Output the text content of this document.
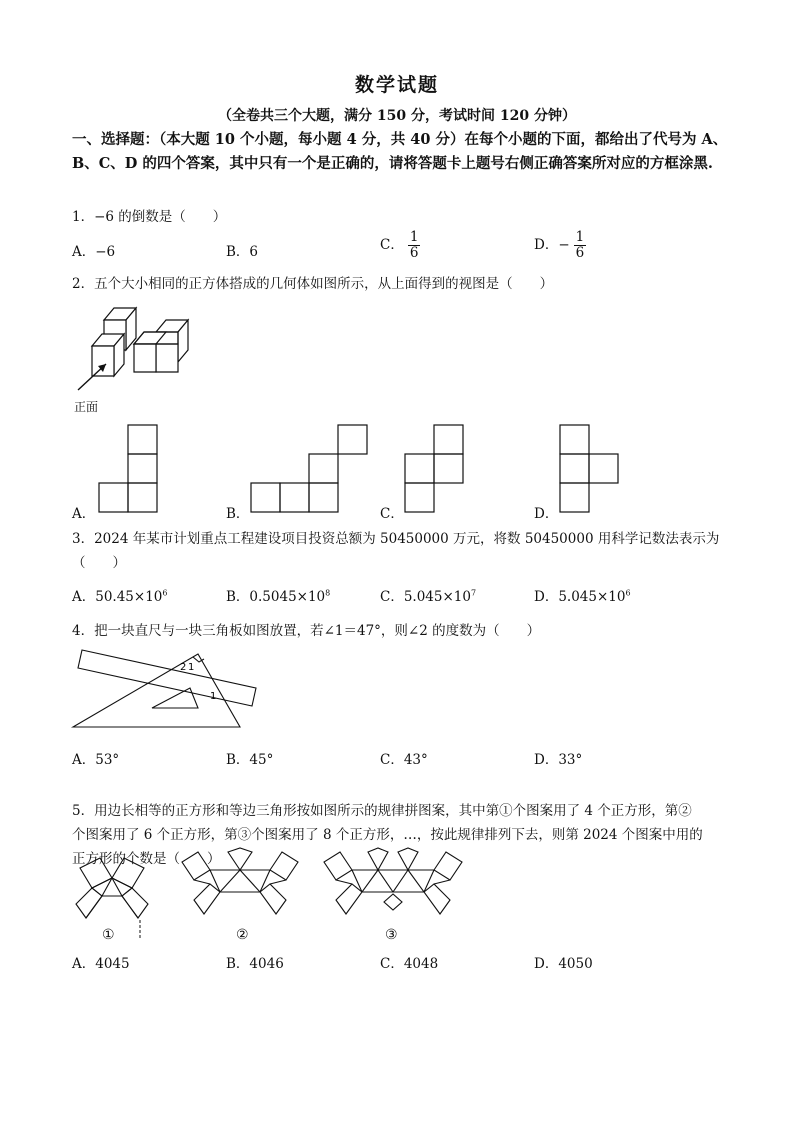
数学试题
（全卷共三个大题，满分 150 分，考试时间 120 分钟）
一、选择题：（本大题 10 个小题，每小题 4 分，共 40 分）在每个小题的下面，都给出了代号为 A、B、C、D 的四个答案，其中只有一个是正确的，请将答题卡上题号右侧正确答案所对应的方框涂黑.
1．−6 的倒数是（　　）
A．−6	B．6	C． $\frac{1}{6}$	D．− $\frac{1}{6}$
2．五个大小相同的正方体搭成的几何体如图所示，从上面得到的视图是（　　）
正面
A．	B．	C．	D．
3．2024 年某市计划重点工程建设项目投资总额为 50450000 万元，将数 50450000 用科学记数法表示为
（　　）
A．$50.45\times 10^6$	B．$0.5045\times 10^8$	C．$5.045\times 10^7$	D．$5.045\times 10^6$
4．把一块直尺与一块三角板如图放置，若∠1＝47°，则∠2 的度数为（　　）
2 1
1
A．53°	B．45°	C．43°	D．33°
5．用边长相等的正方形和等边三角形按如图所示的规律拼图案，其中第①个图案用了 4 个正方形，第②
个图案用了 6 个正方形，第③个图案用了 8 个正方形，…，按此规律排列下去，则第 2024 个图案中用的
正方形的个数是（　　）
①	②	③
A．4045	B．4046	C．4048	D．4050
